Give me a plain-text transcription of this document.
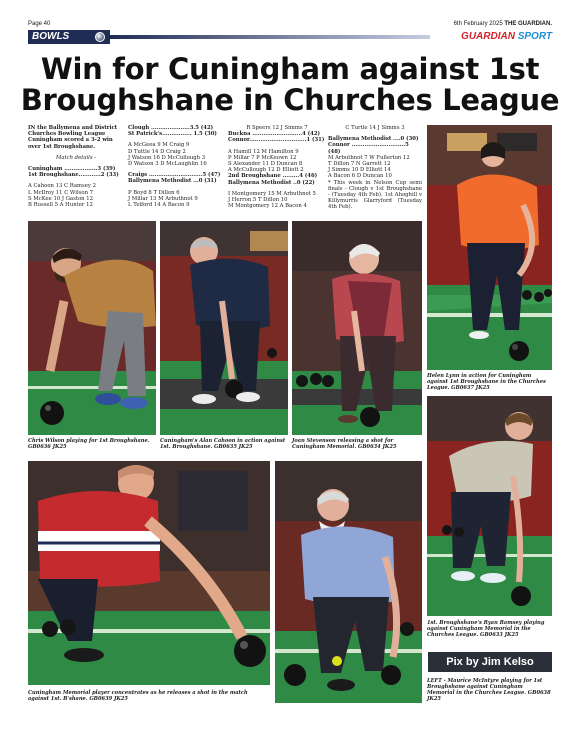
Page 40	6th February 2025 THE GUARDIAN.
BOWLS	GUARDIAN SPORT
Win for Cuningham against 1st Broughshane in Churches League

IN the Ballymena and District Churches Bowling League Cuningham scored a 3-2 win over 1st Broughshane.

Match details -

Cuningham ..................3 (39)

1st Broughshane............2 (33)

A Cahoon 13 C Ramsey 2

L McIlroy 11 C Wilson 7

S McKee 10 J Gaston 12

B Russell 5 A Hunter 12

Clough .....................3.5 (42)

St Patrick's................ 1.5 (30)

A McGeea 9 M Craig 9

D Tuttle 14 D Craig 2

J Watson 16 D McCullough 3

D Watson 3 D McLaughlin 16

Craigs .............................5 (47)

Ballymena Methodist ...0 (31)

P Boyd 8 T Dillon 6

J Millar 13 M Arbuthnot 9

L Telford 14 A Bacon 9

R Speers 12 J Simms 7

Buckna ...........................4 (42)

Connor...............................1 (31)

A Hamill 12 M Hamilton 9

P Millar 7 P McKeown 12

S Alexander 11 D Duncan 8

A McCullough 12 D Elliott 2

2nd Broughshane .........4 (46)

Ballymena Methodist ..0 (22)

I Montgomery 15 M Arbuthnot 5

J Herron 5 T Dillon 10

M Montgomery 12 A Bacon 4

C Turtle 14 J Simms 3

Ballymena Methodist ....0 (30)

Connor .............................5 (48)

M Arbuthnot 7 W Fullerton 12

T Dillon 7 N Garrett 12

J Simms 10 D Elliott 14

A Bacon 6 D Duncan 10

* This week in Nelson Cup semi finals - Clough v 1st Broughshane - (Tuesday 4th Feb). 1st Ahoghill v Killymurris Glarryford (Tuesday 4th Feb).

Helen Lynn in action for Cuningham against 1st Broughshane in the Churches League. GB0637 JK25
Chris Wilson playing for 1st Broughshane. GB0636 JK25
Cuningham's Alan Cahoon in action against 1st. Broughshane. GB0635 JK25
Joan Stevenson releasing a shot for Cuningham Memorial. GB0634 JK25
1st. Broughshane's Ryan Ramsey playing against Cuningham Memorial in the Churches League. GB0633 JK25
Cuningham Memorial player concentrates as he releases a shot in the match against 1st. B'shane. GB0639 JK25
Pix by Jim Kelso
LEFT - Maurice McIntyre playing for 1st Broughshane against Cuningham Memorial in the Churches League. GB0638 JK25
